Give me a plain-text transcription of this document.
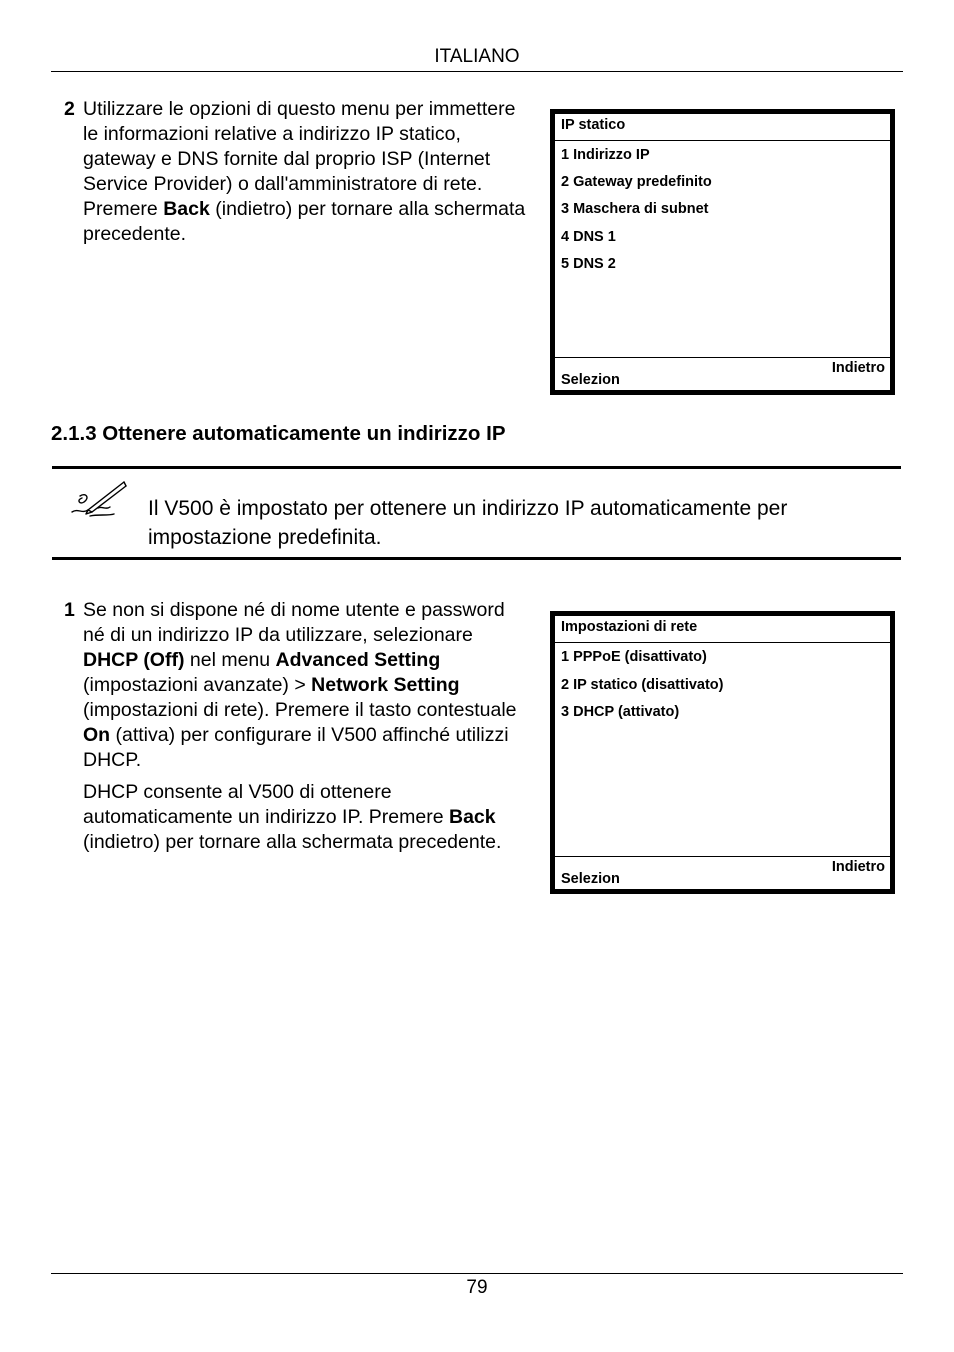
ITALIANO
2 Utilizzare le opzioni di questo menu per immettere le informazioni relative a indirizzo IP statico, gateway e DNS fornite dal proprio ISP (Internet Service Provider) o dall'amministratore di rete. Premere Back (indietro) per tornare alla schermata precedente.
IP statico
1 Indirizzo IP
2 Gateway predefinito
3 Maschera di subnet
4 DNS 1
5 DNS 2
Selezion
Indietro
2.1.3 Ottenere automaticamente un indirizzo IP
Il V500 è impostato per ottenere un indirizzo IP automaticamente per impostazione predefinita.
1 Se non si dispone né di nome utente e password né di un indirizzo IP da utilizzare, selezionare DHCP (Off) nel menu Advanced Setting (impostazioni avanzate) > Network Setting (impostazioni di rete). Premere il tasto contestuale On (attiva) per configurare il V500 affinché utilizzi DHCP.
DHCP consente al V500 di ottenere automaticamente un indirizzo IP. Premere Back (indietro) per tornare alla schermata precedente.
Impostazioni di rete
1 PPPoE (disattivato)
2 IP statico (disattivato)
3 DHCP (attivato)
Selezion
Indietro
79
